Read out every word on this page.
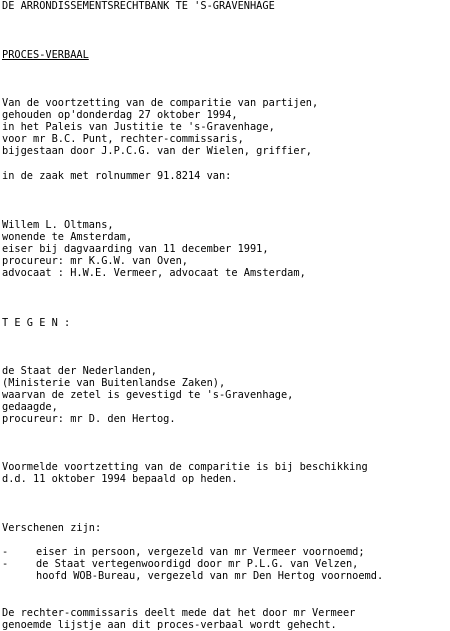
DE ARRONDISSEMENTSRECHTBANK TE 'S-GRAVENHAGE
PROCES-VERBAAL
Van de voortzetting van de comparitie van partijen,
gehouden op'donderdag 27 oktober 1994,
in het Paleis van Justitie te 's-Gravenhage,
voor mr B.C. Punt, rechter-commissaris,
bijgestaan door J.P.C.G. van der Wielen, griffier,
in de zaak met rolnummer 91.8214 van:
Willem L. Oltmans,
wonende te Amsterdam,
eiser bij dagvaarding van 11 december 1991,
procureur: mr K.G.W. van Oven,
advocaat : H.W.E. Vermeer, advocaat te Amsterdam,
T E G E N :
de Staat der Nederlanden,
(Ministerie van Buitenlandse Zaken),
waarvan de zetel is gevestigd te 's-Gravenhage,
gedaagde,
procureur: mr D. den Hertog.
Voormelde voortzetting van de comparitie is bij beschikking
d.d. 11 oktober 1994 bepaald op heden.
Verschenen zijn:
-	eiser in persoon, vergezeld van mr Vermeer voornoemd;
-	de Staat vertegenwoordigd door mr P.L.G. van Velzen,
hoofd WOB-Bureau, vergezeld van mr Den Hertog voornoemd.
De rechter-commissaris deelt mede dat het door mr Vermeer
genoemde lijstje aan dit proces-verbaal wordt gehecht.
